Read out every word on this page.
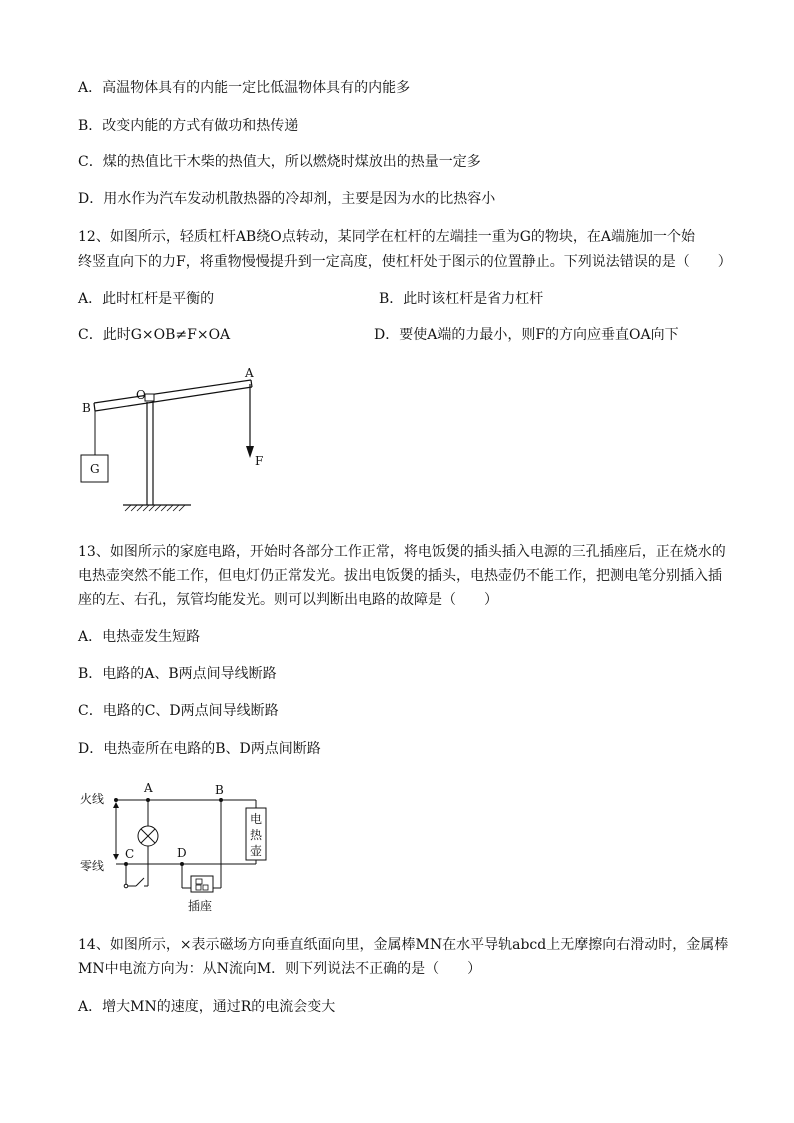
A．高温物体具有的内能一定比低温物体具有的内能多
B．改变内能的方式有做功和热传递
C．煤的热值比干木柴的热值大，所以燃烧时煤放出的热量一定多
D．用水作为汽车发动机散热器的冷却剂，主要是因为水的比热容小
12、如图所示，轻质杠杆AB绕O点转动，某同学在杠杆的左端挂一重为G的物块，在A端施加一个始
终竖直向下的力F，将重物慢慢提升到一定高度，使杠杆处于图示的位置静止。下列说法错误的是（　　）
A．此时杠杆是平衡的	B．此时该杠杆是省力杠杆
C．此时G×OB≠F×OA	D．要使A端的力最小，则F的方向应垂直OA向下
A
B
O
G
F
13、如图所示的家庭电路，开始时各部分工作正常，将电饭煲的插头插入电源的三孔插座后，正在烧水的
电热壶突然不能工作，但电灯仍正常发光。拔出电饭煲的插头，电热壶仍不能工作，把测电笔分别插入插
座的左、右孔，氖管均能发光。则可以判断出电路的故障是（　　）
A．电热壶发生短路
B．电路的A、B两点间导线断路
C．电路的C、D两点间导线断路
D．电热壶所在电路的B、D两点间断路
火线
零线
电
热
壶
A	B
C	D
插座
14、如图所示，×表示磁场方向垂直纸面向里，金属棒MN在水平导轨abcd上无摩擦向右滑动时，金属棒
MN中电流方向为：从N流向M．则下列说法不正确的是（　　）
A．增大MN的速度，通过R的电流会变大
